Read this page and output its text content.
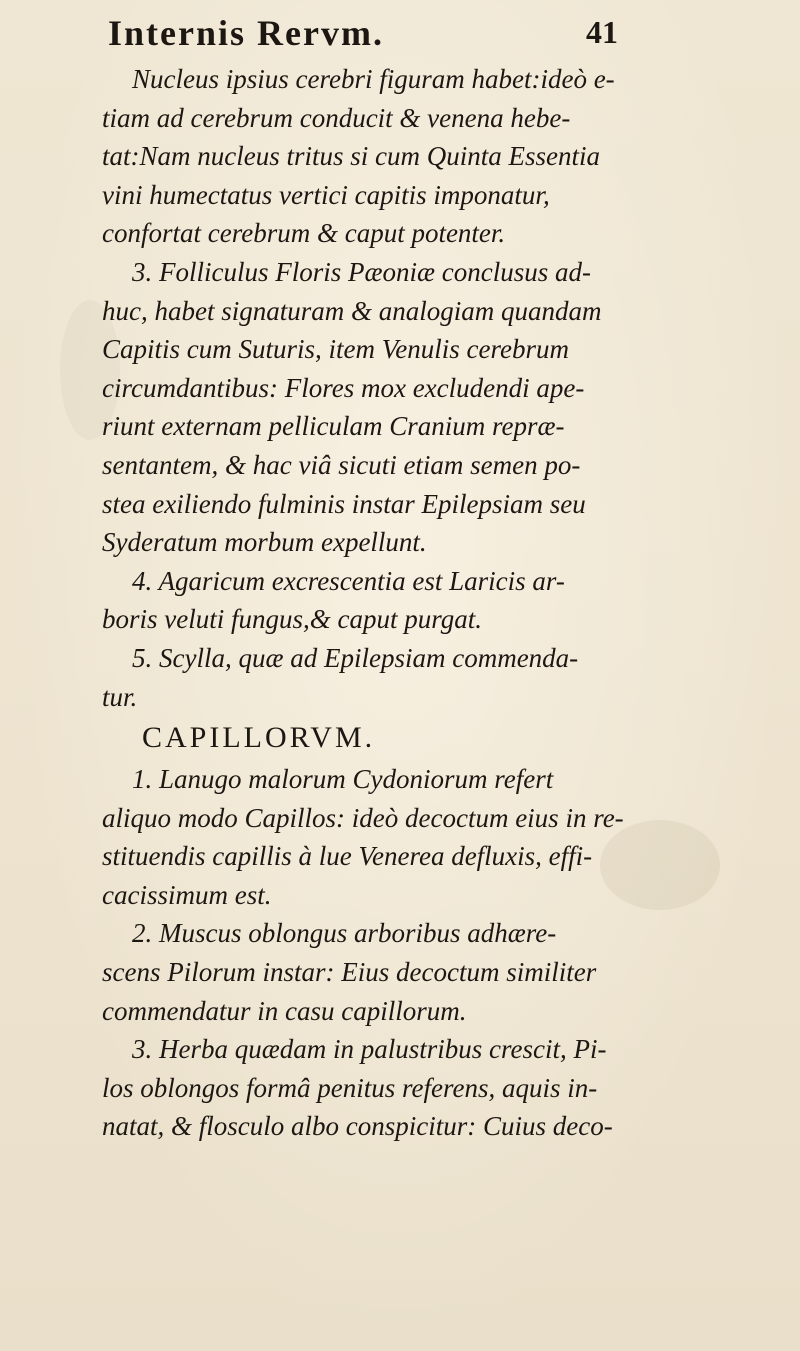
Internis Rervm.	41
Nucleus ipsius cerebri figuram habet:ideò e-
tiam ad cerebrum conducit & venena hebe-
tat:Nam nucleus tritus si cum Quinta Essentia
vini humectatus vertici capitis imponatur,
confortat cerebrum & caput potenter.
3. Folliculus Floris Pæoniæ conclusus ad-
huc, habet signaturam & analogiam quandam
Capitis cum Suturis, item Venulis cerebrum
circumdantibus: Flores mox excludendi ape-
riunt externam pelliculam Cranium repræ-
sentantem, & hac viâ sicuti etiam semen po-
stea exiliendo fulminis instar Epilepsiam seu
Syderatum morbum expellunt.
4. Agaricum excrescentia est Laricis ar-
boris veluti fungus,& caput purgat.
5. Scylla, quæ ad Epilepsiam commenda-
tur.
CAPILLORVM.
1. Lanugo malorum Cydoniorum refert
aliquo modo Capillos: ideò decoctum eius in re-
stituendis capillis à lue Venerea defluxis, effi-
cacissimum est.
2. Muscus oblongus arboribus adhære-
scens Pilorum instar: Eius decoctum similiter
commendatur in casu capillorum.
3. Herba quædam in palustribus crescit, Pi-
los oblongos formâ penitus referens, aquis in-
natat, & flosculo albo conspicitur: Cuius deco-
